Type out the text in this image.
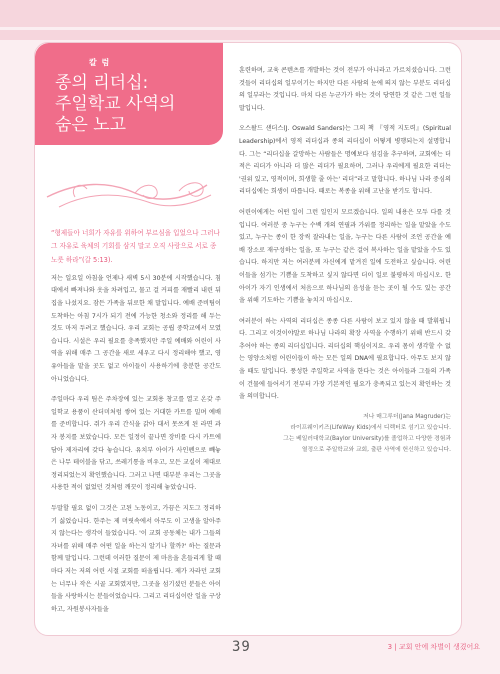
칼 럼
종의 리더십:
주일학교 사역의
숨은 노고

“형제들아 너희가 자유를 위하여 부르심을 입었으나 그러나 그 자유로 육체의 기회를 삼지 말고 오직 사랑으로 서로 종 노릇 하라”(갈 5:13).

저는 일요일 아침을 언제나 새벽 5시 30분에 시작했습니다. 침대에서 빠져나와 옷을 차려입고, 물고 걸 커피를 재빨리 내린 뒤 집을 나섰지요. 잠든 가족을 뒤로한 채 말입니다. 예배 준비팀이 도착하는 아침 7시가 되기 전에 가능한 청소와 정리를 해 두는 것도 마저 두려고 했습니다. 우리 교회는 공립 중학교에서 모였습니다. 시설은 우리 필요를 충족했지만 주일 예배와 어린이 사역을 위해 매주 그 공간을 새로 세우고 다시 정리해야 했고, 영유아들을 맡을 곳도 없고 아이들이 사용하기에 충분한 공간도 아니었습니다.

주일마다 우리 팀은 주차장에 있는 교회용 창고를 열고 온갖 주일학교 용품이 산더미처럼 쌓여 있는 거대한 카트를 밀며 예배를 준비합니다. 쥐가 우리 간식을 갉아 대서 못쓰게 된 라면 과자 봉지를 보았습니다. 모든 일정이 끝나면 장비를 다시 카트에 담아 제자리에 갖다 놓습니다. 유치부 아이가 사인펜으로 빼놓은 나무 테이블을 닦고, 쓰레기통을 비우고, 모든 교실이 제대로 정리되었는지 확인했습니다. 그러고 나면 대부분 우리는 그곳을 사용한 적이 없었던 것처럼 깨끗이 정리해 놓았습니다.

두말할 필요 없이 그것은 고된 노동이고, 가끔은 지도그 정리하기 싫었습니다. 한주는 제 머릿속에서 아무도 이 고생을 알아주지 않는다는 생각이 들었습니다. '이 교회 공동체는 내가 그들의 자녀를 위해 매주 어떤 일을 하는지 알기나 할까?' 하는 질문과 함께 말입니다. 그런데 이러한 질문이 제 마음을 흔들리게 할 때마다 저는 저의 어린 시절 교회를 떠올립니다. 제가 자라던 교회는 너무나 작은 시골 교회였지만, 그곳을 섬기셨던 분들은 아이들을 사랑하시는 분들이었습니다. 그리고 리더십이란 일을 구상하고, 자원봉사자들을

훈련하며, 교육 콘텐츠를 개발하는 것이 전부가 아니라고 가르치셨습니다. 그런 것들이 리더십의 일부이기는 하지만 다른 사람의 눈에 띄지 않는 부분도 리더십의 일부라는 것입니다. 마치 다른 누군가가 하는 것이 당연한 것 같은 그런 일들 말입니다.

오스왈드 샌더스(J. Oswald Sanders)는 그의 책 『영적 지도력』(Spiritual Leadership)에서 영적 리더십과 종의 리더십이 어떻게 병행되는지 설명합니다. 그는 “리더십을 갈망하는 사람들은 명예보다 섬김을 추구하며, 교회에는 더 적은 리더가 아니라 더 많은 리더가 필요하며, 그러나 우리에게 필요한 리더는 '권위 있고, 영적이며, 희생할 줄 아는' 리더”라고 말합니다. 하나님 나라 중심의 리더십에는 희생이 따릅니다. 때로는 복종을 위해 고난을 받기도 합니다.

어린이에게는 어떤 일이 그런 일인지 모르겠습니다. 일의 내용은 모두 다를 것입니다. 여러분 중 누구는 수백 개의 연필과 가위를 정리하는 일을 맡았을 수도 있고, 누구는 종이 한 장씩 잘라내는 일을, 누구는 다른 사람이 조언 공간을 예배 장소로 재구성하는 일을, 또 누구는 같은 걸어 복사하는 일을 맡았을 수도 있습니다. 하지만 저는 여러분께 자신에게 맡겨진 일에 도전하고 싶습니다. 어린이들을 섬기는 기쁨을 도착하고 싶지 않다면 더이 일로 불평하지 마십시오. 한 아이가 자기 인생에서 처음으로 하나님의 음성을 듣는 곳이 될 수도 있는 공간을 위해 기도하는 기쁨을 놓치지 마십시오.

여러분이 하는 사역의 리더십은 종종 다른 사람이 보고 있지 않을 때 발휘됩니다. 그리고 이것이야말로 하나님 나라의 확장 사역을 수행하기 위해 반드시 갖추어야 하는 종의 리더십입니다. 리더십의 핵심이지요. 우리 몸이 생각할 수 없는 영양소처럼 어린이들이 하는 모든 일의 DNA에 필요합니다. 아무도 보지 않을 때도 말입니다. 풍성한 주일학교 사역을 한다는 것은 아이들과 그들의 가족이 건물에 들어서기 전부터 가장 기본적인 필요가 충족되고 있는지 확인하는 것을 의미합니다.

저나 매그루더(Jana Magruder)는
라이프웨이키즈(LifeWay Kids)에서 디렉터로 섬기고 있습니다.
그는 베일러대학교(Baylor University)를 졸업하고 다양한 경험과
열정으로 주일학교와 교회, 출판 사역에 헌신하고 있습니다.
39	3 | 교회 안에 차별이 생겼어요
